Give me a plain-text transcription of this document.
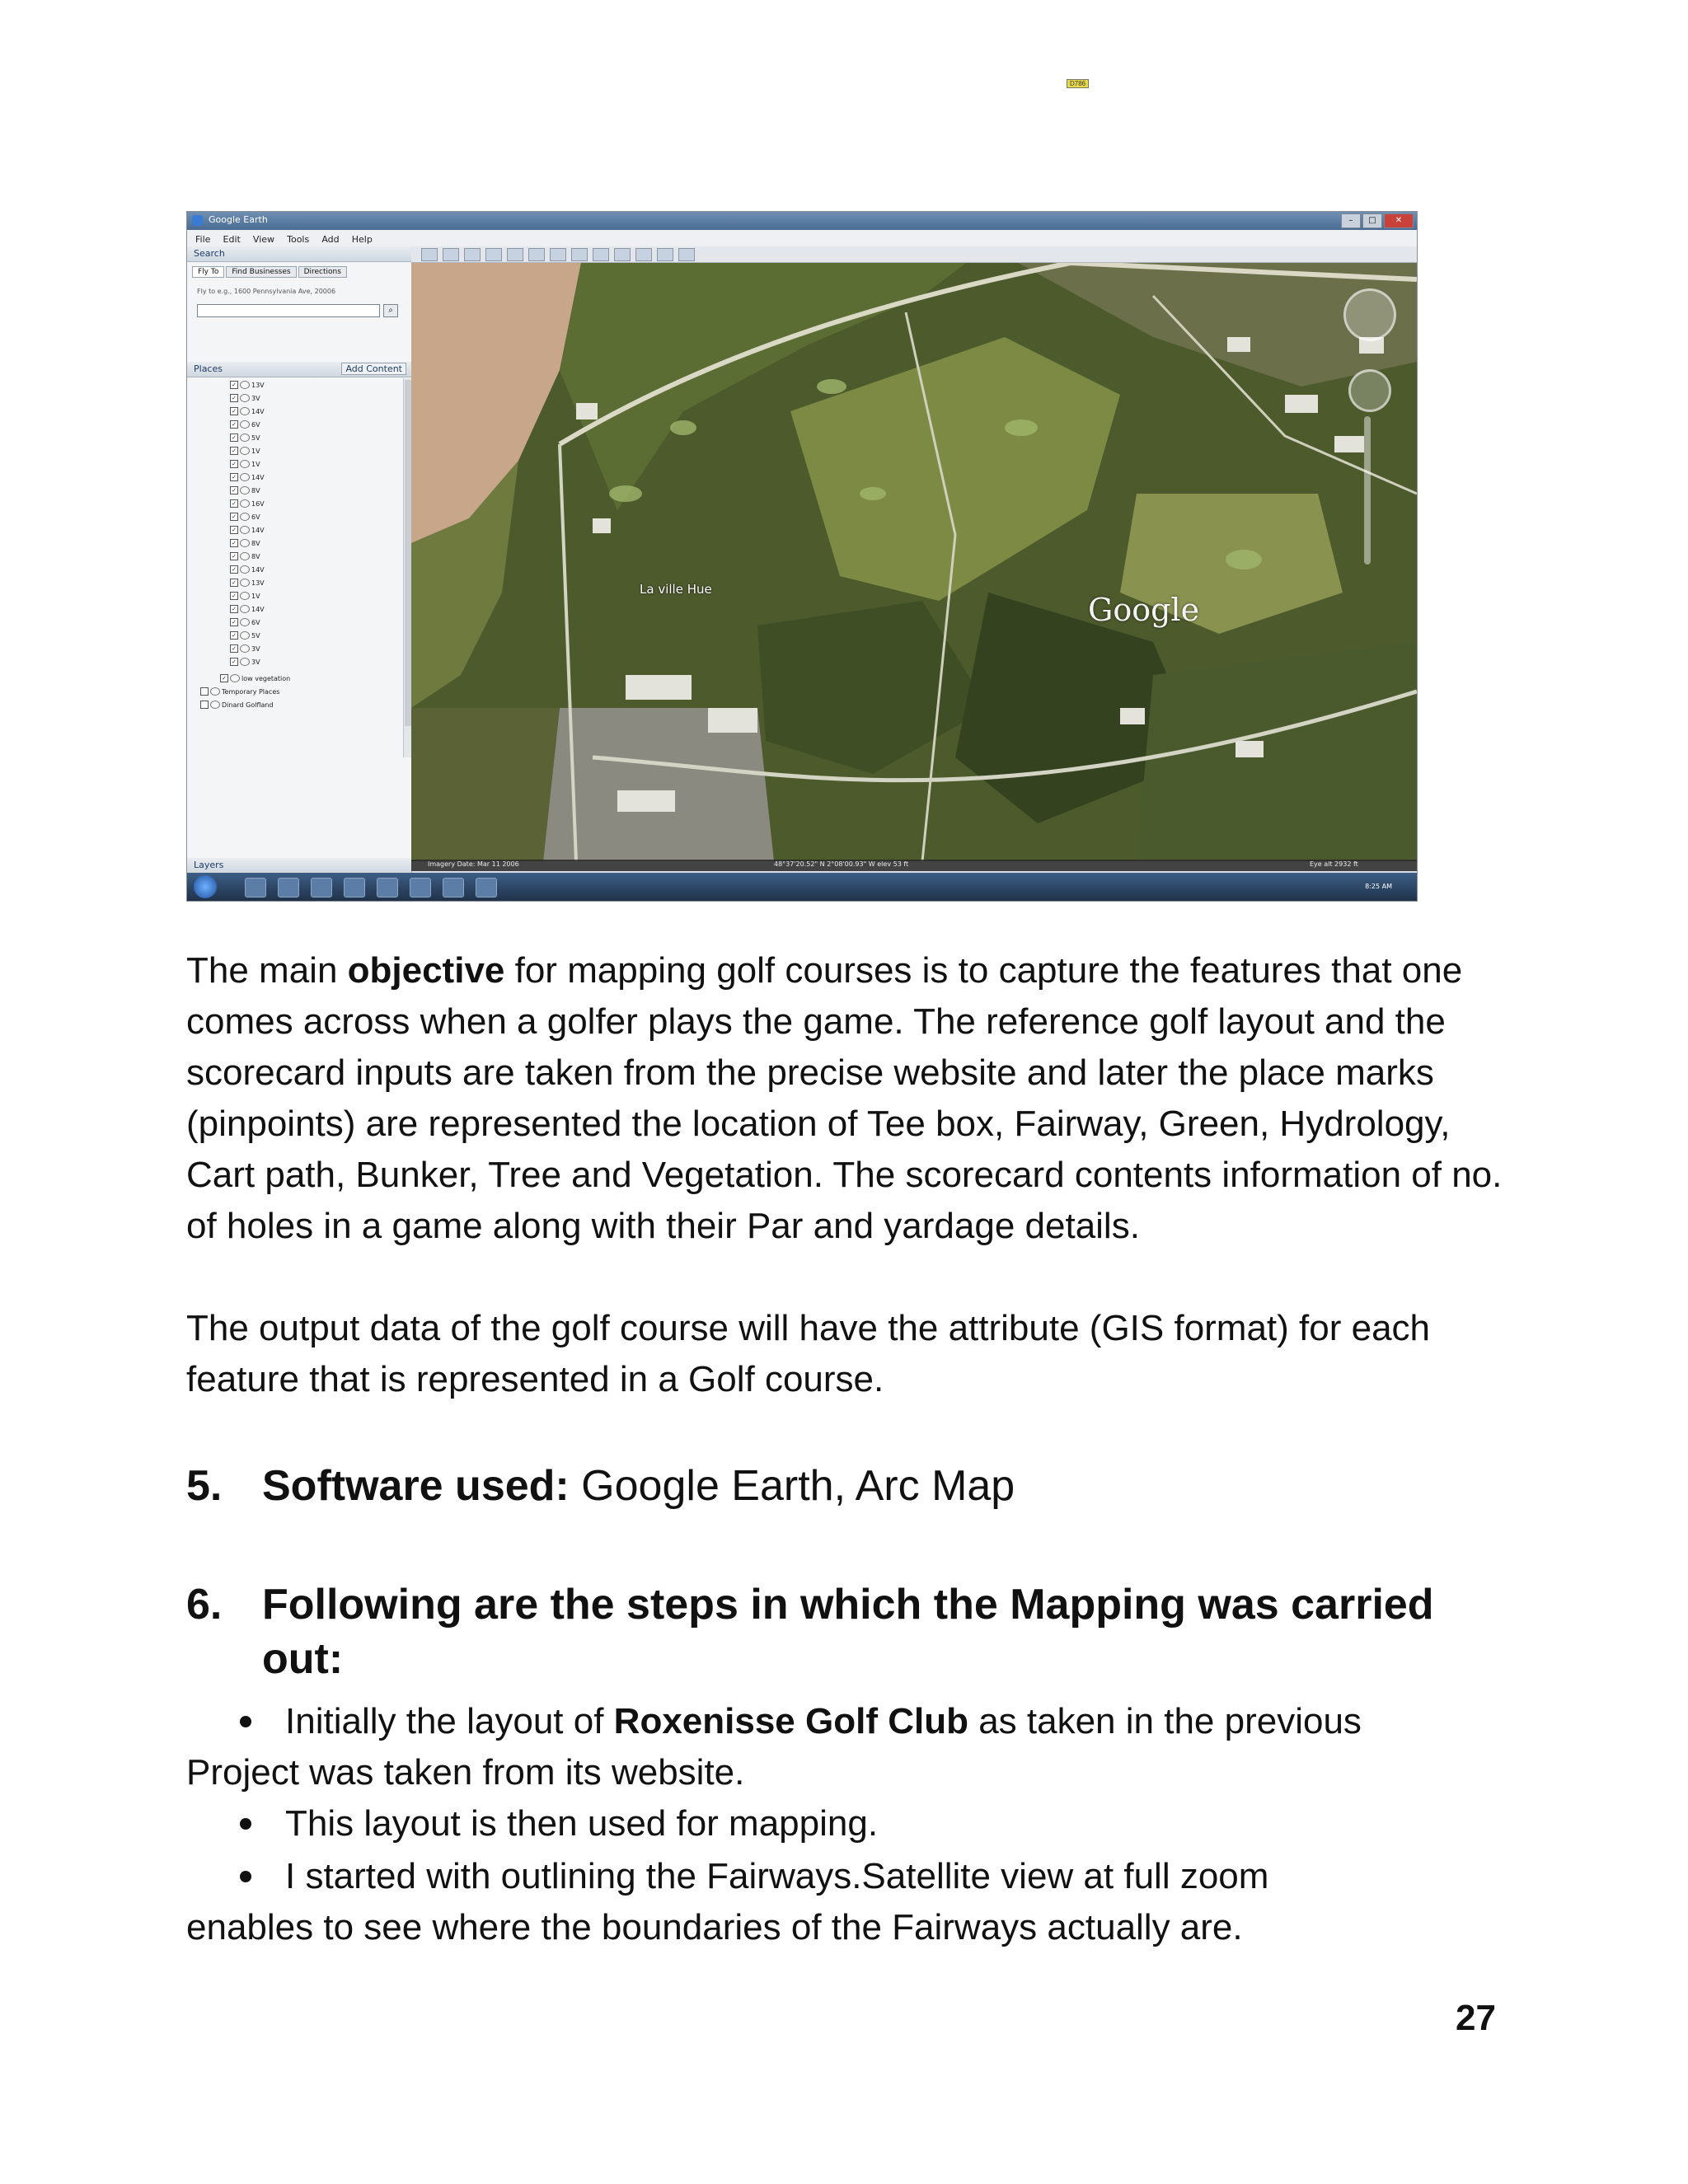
Google Earth	–	□	✕
File Edit View Tools Add Help
Search
Fly To	Find Businesses	Directions
Fly to e.g., 1600 Pennsylvania Ave, 20006
⌕
Places	Add Content
✓ 13V
✓ 3V
✓ 14V
✓ 6V
✓ 5V
✓ 1V
✓ 1V
✓ 14V
✓ 8V
✓ 16V
✓ 6V
✓ 14V
✓ 8V
✓ 8V
✓ 14V
✓ 13V
✓ 1V
✓ 14V
✓ 6V
✓ 5V
✓ 3V
✓ 3V
✓ low vegetation
Temporary Places
Dinard Golfland
Layers	Imagery Date: Mar 11 2006	48°37'20.52" N 2°08'00.93" W elev 53 ft	Eye alt 2932 ft
8:25 AM
La ville Hue
D786
Google

The main objective for mapping golf courses is to capture the features that one comes across when a golfer plays the game. The reference golf layout and the scorecard inputs are taken from the precise website and later the place marks (pinpoints) are represented the location of Tee box, Fairway, Green, Hydrology, Cart path, Bunker, Tree and Vegetation. The scorecard contents information of no. of holes in a game along with their Par and yardage details.

The output data of the golf course will have the attribute (GIS format) for each feature that is represented in a Golf course.

5. Software used: Google Earth, Arc Map
6. Following are the steps in which the Mapping was carried
out:
Initially the layout of Roxenisse Golf Club as taken in the previous
Project was taken from its website.
This layout is then used for mapping.
I started with outlining the Fairways.Satellite view at full zoom
enables to see where the boundaries of the Fairways actually are.
27
